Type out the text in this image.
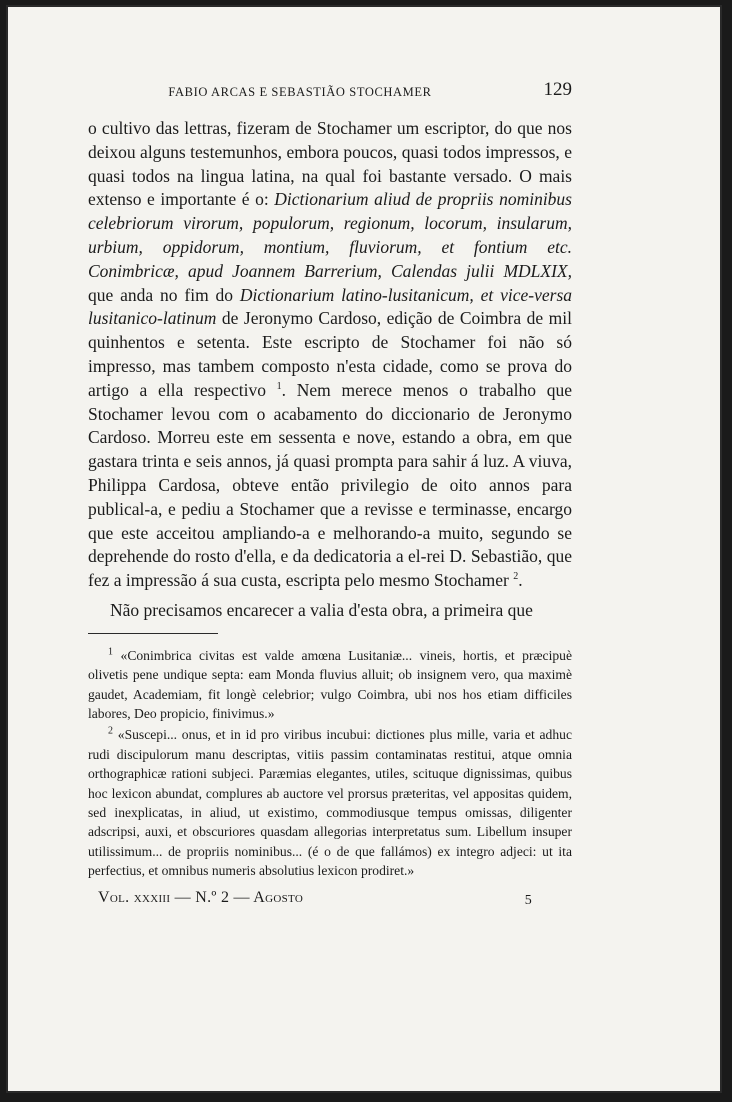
FABIO ARCAS E SEBASTIÃO STOCHAMER	129

o cultivo das lettras, fizeram de Stochamer um escriptor, do que nos deixou alguns testemunhos, embora poucos, quasi todos impressos, e quasi todos na lingua latina, na qual foi bastante versado. O mais extenso e importante é o: Dictionarium aliud de propriis nominibus celebriorum virorum, populorum, regionum, locorum, insularum, urbium, oppidorum, montium, fluviorum, et fontium etc. Conimbricæ, apud Joannem Barrerium, Calendas julii MDLXIX, que anda no fim do Dictionarium latino-lusitanicum, et vice-versa lusitanico-latinum de Jeronymo Cardoso, edição de Coimbra de mil quinhentos e setenta. Este escripto de Stochamer foi não só impresso, mas tambem composto n'esta cidade, como se prova do artigo a ella respectivo $^1$. Nem merece menos o trabalho que Stochamer levou com o acabamento do diccionario de Jeronymo Cardoso. Morreu este em sessenta e nove, estando a obra, em que gastara trinta e seis annos, já quasi prompta para sahir á luz. A viuva, Philippa Cardosa, obteve então privilegio de oito annos para publical-a, e pediu a Stochamer que a revisse e terminasse, encargo que este acceitou ampliando-a e melhorando-a muito, segundo se deprehende do rosto d'ella, e da dedicatoria a el-rei D. Sebastião, que fez a impressão á sua custa, escripta pelo mesmo Stochamer $^2$.

Não precisamos encarecer a valia d'esta obra, a primeira que

$^1$ «Conimbrica civitas est valde amœna Lusitaniæ... vineis, hortis, et præcipuè olivetis pene undique septa: eam Monda fluvius alluit; ob insignem vero, qua maximè gaudet, Academiam, fit longè celebrior; vulgo Coimbra, ubi nos hos etiam difficiles labores, Deo propicio, finivimus.»

$^2$ «Suscepi... onus, et in id pro viribus incubui: dictiones plus mille, varia et adhuc rudi discipulorum manu descriptas, vitiis passim contaminatas restitui, atque omnia orthographicæ rationi subjeci. Paræmias elegantes, utiles, scituque dignissimas, quibus hoc lexicon abundat, complures ab auctore vel prorsus præteritas, vel appositas quidem, sed inexplicatas, in aliud, ut existimo, commodiusque tempus omissas, diligenter adscripsi, auxi, et obscuriores quasdam allegorias interpretatus sum. Libellum insuper utilissimum... de propriis nominibus... (é o de que fallámos) ex integro adjeci: ut ita perfectius, et omnibus numeris absolutius lexicon prodiret.»

Vol. xxxiii — N.º 2 — Agosto	5
